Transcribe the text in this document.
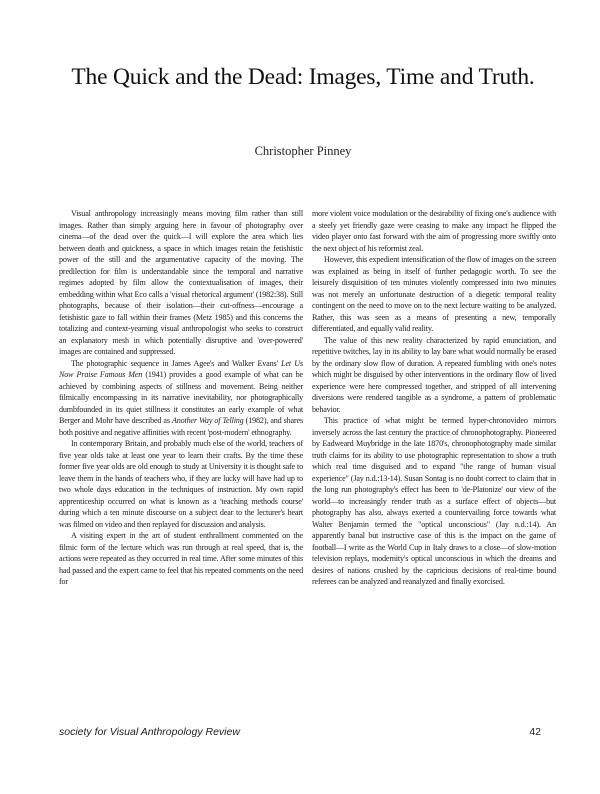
The Quick and the Dead: Images, Time and Truth.
Christopher Pinney

Visual anthropology increasingly means moving film rather than still images. Rather than simply arguing here in favour of photography over cinema—of the dead over the quick—I will explore the area which lies between death and quickness, a space in which images retain the fetishistic power of the still and the argumentative capacity of the moving. The predilection for film is understandable since the temporal and narrative regimes adopted by film allow the contextualisation of images, their embedding within what Eco calls a 'visual rhetorical argument' (1982:38). Still photographs, because of their isolation—their cut-offness—encourage a fetishistic gaze to fall within their frames (Metz 1985) and this concerns the totalizing and context-yearning visual anthropologist who seeks to construct an explanatory mesh in which potentially disruptive and 'over-powered' images are contained and suppressed.

The photographic sequence in James Agee's and Walker Evans' Let Us Now Praise Famous Men (1941) provides a good example of what can be achieved by combining aspects of stillness and movement. Being neither filmically encompassing in its narrative inevitability, nor photographically dumbfounded in its quiet stillness it constitutes an early example of what Berger and Mohr have described as Another Way of Telling (1982), and shares both positive and negative affinities with recent 'post-modern' ethnography.

In contemporary Britain, and probably much else of the world, teachers of five year olds take at least one year to learn their crafts. By the time these former five year olds are old enough to study at University it is thought safe to leave them in the hands of teachers who, if they are lucky will have had up to two whole days education in the techniques of instruction. My own rapid apprenticeship occurred on what is known as a 'teaching methods course' during which a ten minute discourse on a subject dear to the lecturer's heart was filmed on video and then replayed for discussion and analysis.

A visiting expert in the art of student enthrallment commented on the filmic form of the lecture which was run through at real speed, that is, the actions were repeated as they occurred in real time. After some minutes of this had passed and the expert came to feel that his repeated comments on the need for

more violent voice modulation or the desirability of fixing one's audience with a steely yet friendly gaze were ceasing to make any impact he flipped the video player onto fast forward with the aim of progressing more swiftly onto the next object of his reformist zeal.

However, this expedient intensification of the flow of images on the screen was explained as being in itself of further pedagogic worth. To see the leisurely disquisition of ten minutes violently compressed into two minutes was not merely an unfortunate destruction of a diegetic temporal reality contingent on the need to move on to the next lecture waiting to be analyzed. Rather, this was seen as a means of presenting a new, temporally differentiated, and equally valid reality.

The value of this new reality characterized by rapid enunciation, and repetitive twitches, lay in its ability to lay bare what would normally be erased by the ordinary slow flow of duration. A repeated fumbling with one's notes which might be disguised by other interventions in the ordinary flow of lived experience were here compressed together, and stripped of all intervening diversions were rendered tangible as a syndrome, a pattern of problematic behavior.

This practice of what might be termed hyper-chronovideo mirrors inversely across the last century the practice of chronophotography. Pioneered by Eadweard Muybridge in the late 1870's, chronophotography made similar truth claims for its ability to use photographic representation to show a truth which real time disguised and to expand "the range of human visual experience" (Jay n.d.:13-14). Susan Sontag is no doubt correct to claim that in the long run photography's effect has been to 'de-Platonize' our view of the world—to increasingly render truth as a surface effect of objects—but photography has also, always exerted a countervailing force towards what Walter Benjamin termed the "optical unconscious" (Jay n.d.:14). An apparently banal but instructive case of this is the impact on the game of football—I write as the World Cup in Italy draws to a close—of slow-motion television replays, modernity's optical unconscious in which the dreams and desires of nations crushed by the capricious decisions of real-time bound referees can be analyzed and reanalyzed and finally exorcised.

society for Visual Anthropology Review	42
